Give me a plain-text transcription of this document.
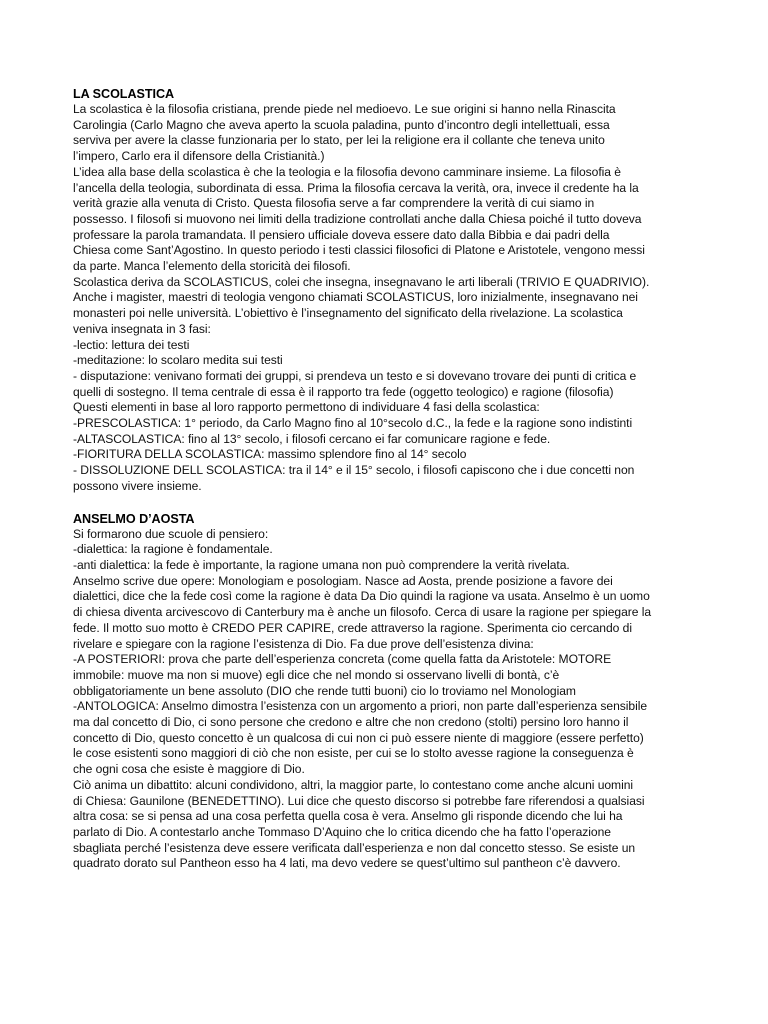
LA SCOLASTICA
La scolastica è la filosofia cristiana, prende piede nel medioevo. Le sue origini si hanno nella Rinascita
Carolingia (Carlo Magno che aveva aperto la scuola paladina, punto d’incontro degli intellettuali, essa
serviva per avere la classe funzionaria per lo stato, per lei la religione era il collante che teneva unito
l’impero, Carlo era il difensore della Cristianità.)
L’idea alla base della scolastica è che la teologia e la filosofia devono camminare insieme. La filosofia è
l’ancella della teologia, subordinata di essa. Prima la filosofia cercava la verità, ora, invece il credente ha la
verità grazie alla venuta di Cristo. Questa filosofia serve a far comprendere la verità di cui siamo in
possesso. I filosofi si muovono nei limiti della tradizione controllati anche dalla Chiesa poiché il tutto doveva
professare la parola tramandata. Il pensiero ufficiale doveva essere dato dalla Bibbia e dai padri della
Chiesa come Sant’Agostino. In questo periodo i testi classici filosofici di Platone e Aristotele, vengono messi
da parte. Manca l’elemento della storicità dei filosofi.
Scolastica deriva da SCOLASTICUS, colei che insegna, insegnavano le arti liberali (TRIVIO E QUADRIVIO).
Anche i magister, maestri di teologia vengono chiamati SCOLASTICUS, loro inizialmente, insegnavano nei
monasteri poi nelle università. L’obiettivo è l’insegnamento del significato della rivelazione. La scolastica
veniva insegnata in 3 fasi:
-lectio: lettura dei testi
-meditazione: lo scolaro medita sui testi
- disputazione: venivano formati dei gruppi, si prendeva un testo e si dovevano trovare dei punti di critica e
quelli di sostegno. Il tema centrale di essa è il rapporto tra fede (oggetto teologico) e ragione (filosofia)
Questi elementi in base al loro rapporto permettono di individuare 4 fasi della scolastica:
-PRESCOLASTICA: 1° periodo, da Carlo Magno fino al 10°secolo d.C., la fede e la ragione sono indistinti
-ALTASCOLASTICA: fino al 13° secolo, i filosofi cercano ei far comunicare ragione e fede.
-FIORITURA DELLA SCOLASTICA: massimo splendore fino al 14° secolo
- DISSOLUZIONE DELL SCOLASTICA: tra il 14° e il 15° secolo, i filosofi capiscono che i due concetti non
possono vivere insieme.
ANSELMO D’AOSTA
Si formarono due scuole di pensiero:
-dialettica: la ragione è fondamentale.
-anti dialettica: la fede è importante, la ragione umana non può comprendere la verità rivelata.
Anselmo scrive due opere: Monologiam e posologiam. Nasce ad Aosta, prende posizione a favore dei
dialettici, dice che la fede così come la ragione è data Da Dio quindi la ragione va usata. Anselmo è un uomo
di chiesa diventa arcivescovo di Canterbury ma è anche un filosofo. Cerca di usare la ragione per spiegare la
fede. Il motto suo motto è CREDO PER CAPIRE, crede attraverso la ragione. Sperimenta cio cercando di
rivelare e spiegare con la ragione l’esistenza di Dio. Fa due prove dell’esistenza divina:
-A POSTERIORI: prova che parte dell’esperienza concreta (come quella fatta da Aristotele: MOTORE
immobile: muove ma non si muove) egli dice che nel mondo si osservano livelli di bontà, c’è
obbligatoriamente un bene assoluto (DIO che rende tutti buoni) cio lo troviamo nel Monologiam
-ANTOLOGICA: Anselmo dimostra l’esistenza con un argomento a priori, non parte dall’esperienza sensibile
ma dal concetto di Dio, ci sono persone che credono e altre che non credono (stolti) persino loro hanno il
concetto di Dio, questo concetto è un qualcosa di cui non ci può essere niente di maggiore (essere perfetto)
le cose esistenti sono maggiori di ciò che non esiste, per cui se lo stolto avesse ragione la conseguenza è
che ogni cosa che esiste è maggiore di Dio.
Ciò anima un dibattito: alcuni condividono, altri, la maggior parte, lo contestano come anche alcuni uomini
di Chiesa: Gaunilone (BENEDETTINO). Lui dice che questo discorso si potrebbe fare riferendosi a qualsiasi
altra cosa: se si pensa ad una cosa perfetta quella cosa è vera. Anselmo gli risponde dicendo che lui ha
parlato di Dio. A contestarlo anche Tommaso D’Aquino che lo critica dicendo che ha fatto l’operazione
sbagliata perché l’esistenza deve essere verificata dall’esperienza e non dal concetto stesso. Se esiste un
quadrato dorato sul Pantheon esso ha 4 lati, ma devo vedere se quest’ultimo sul pantheon c’è davvero.
